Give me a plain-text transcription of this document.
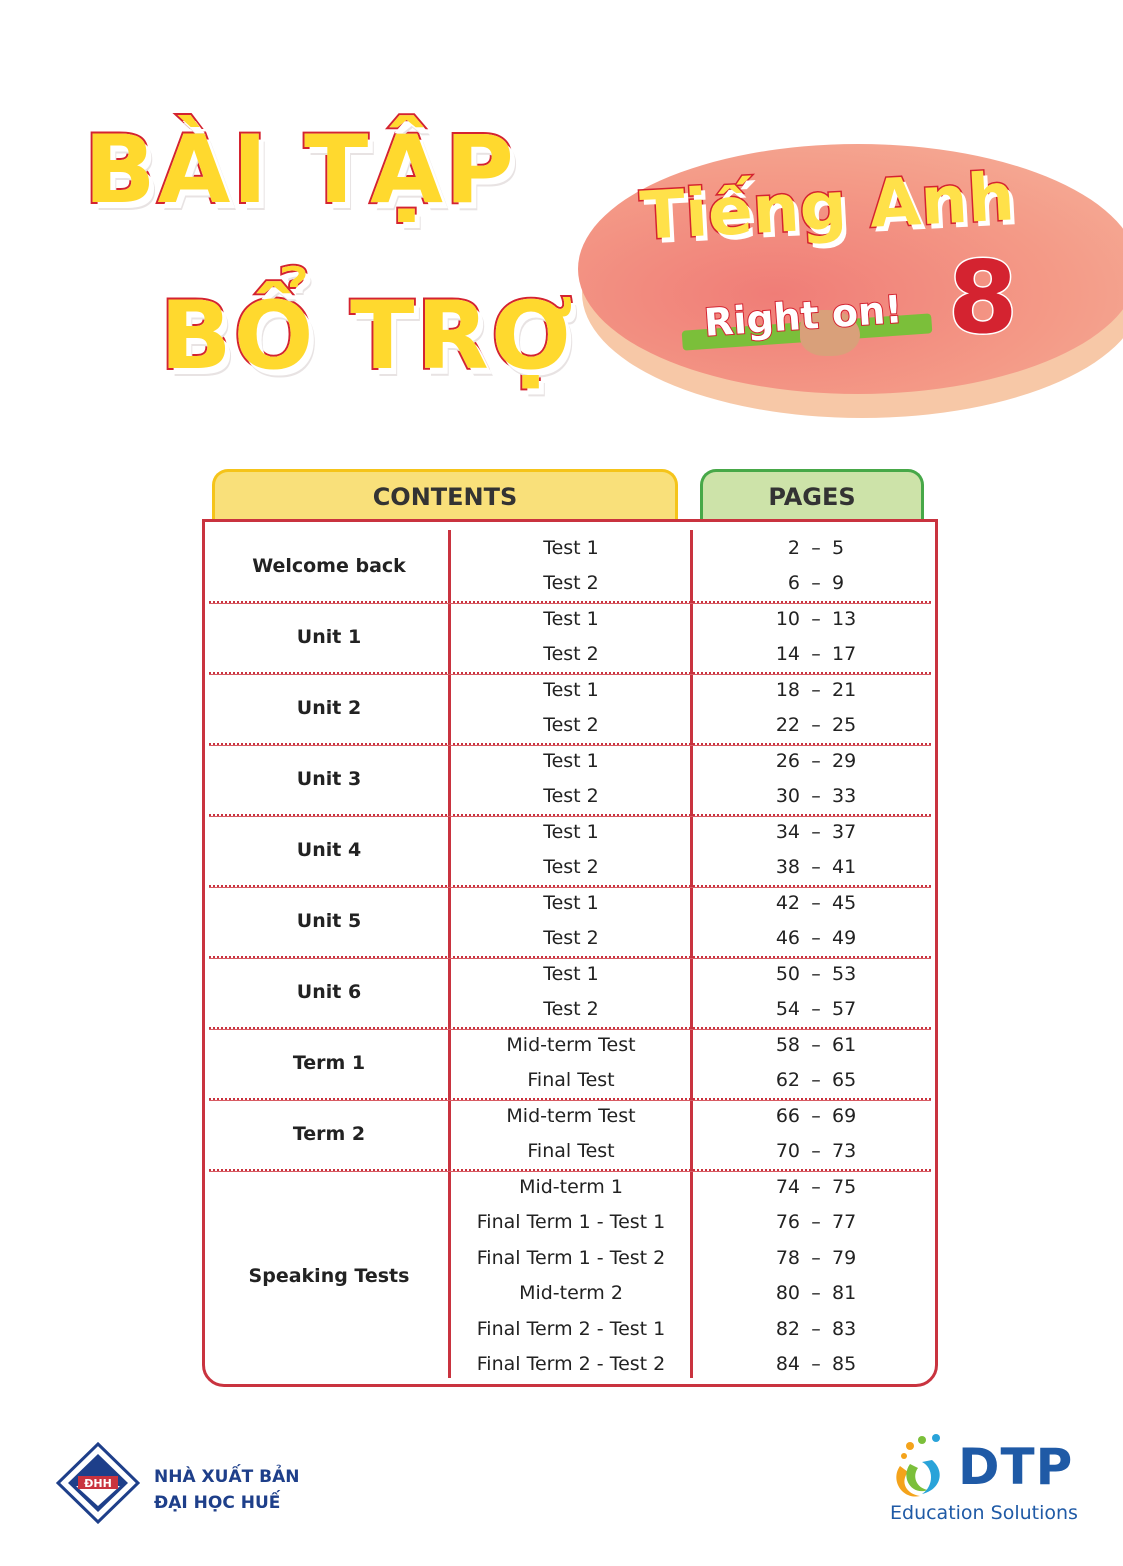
BÀI TẬP
BỔ TRỢ
Tiếng Anh
Right on! 8
CONTENTS	PAGES
Welcome back
Test 1	2 – 5
Test 2	6 – 9
Unit 1
Test 1	10 – 13
Test 2	14 – 17
Unit 2
Test 1	18 – 21
Test 2	22 – 25
Unit 3
Test 1	26 – 29
Test 2	30 – 33
Unit 4
Test 1	34 – 37
Test 2	38 – 41
Unit 5
Test 1	42 – 45
Test 2	46 – 49
Unit 6
Test 1	50 – 53
Test 2	54 – 57
Term 1
Mid-term Test	58 – 61
Final Test	62 – 65
Term 2
Mid-term Test	66 – 69
Final Test	70 – 73
Speaking Tests
Mid-term 1	74 – 75
Final Term 1 - Test 1	76 – 77
Final Term 1 - Test 2	78 – 79
Mid-term 2	80 – 81
Final Term 2 - Test 1	82 – 83
Final Term 2 - Test 2	84 – 85
ĐHH NHÀ XUẤT BẢN
ĐẠI HỌC HUẾ
DTP
Education Solutions
